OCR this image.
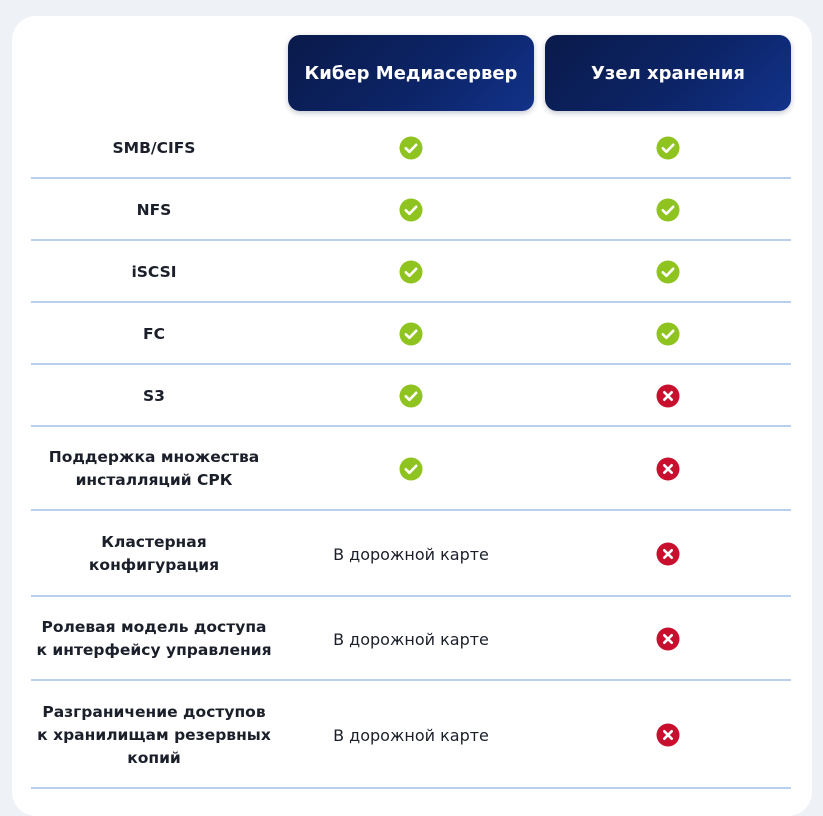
Кибер Медиасервер	Узел хранения
SMB/CIFS
NFS
iSCSI
FC
S3
Поддержка множества
инсталляций СРК
Кластерная
конфигурация
В дорожной карте
Ролевая модель доступа
к интерфейсу управления
В дорожной карте
Разграничение доступов
к хранилищам резервных
копий
В дорожной карте
